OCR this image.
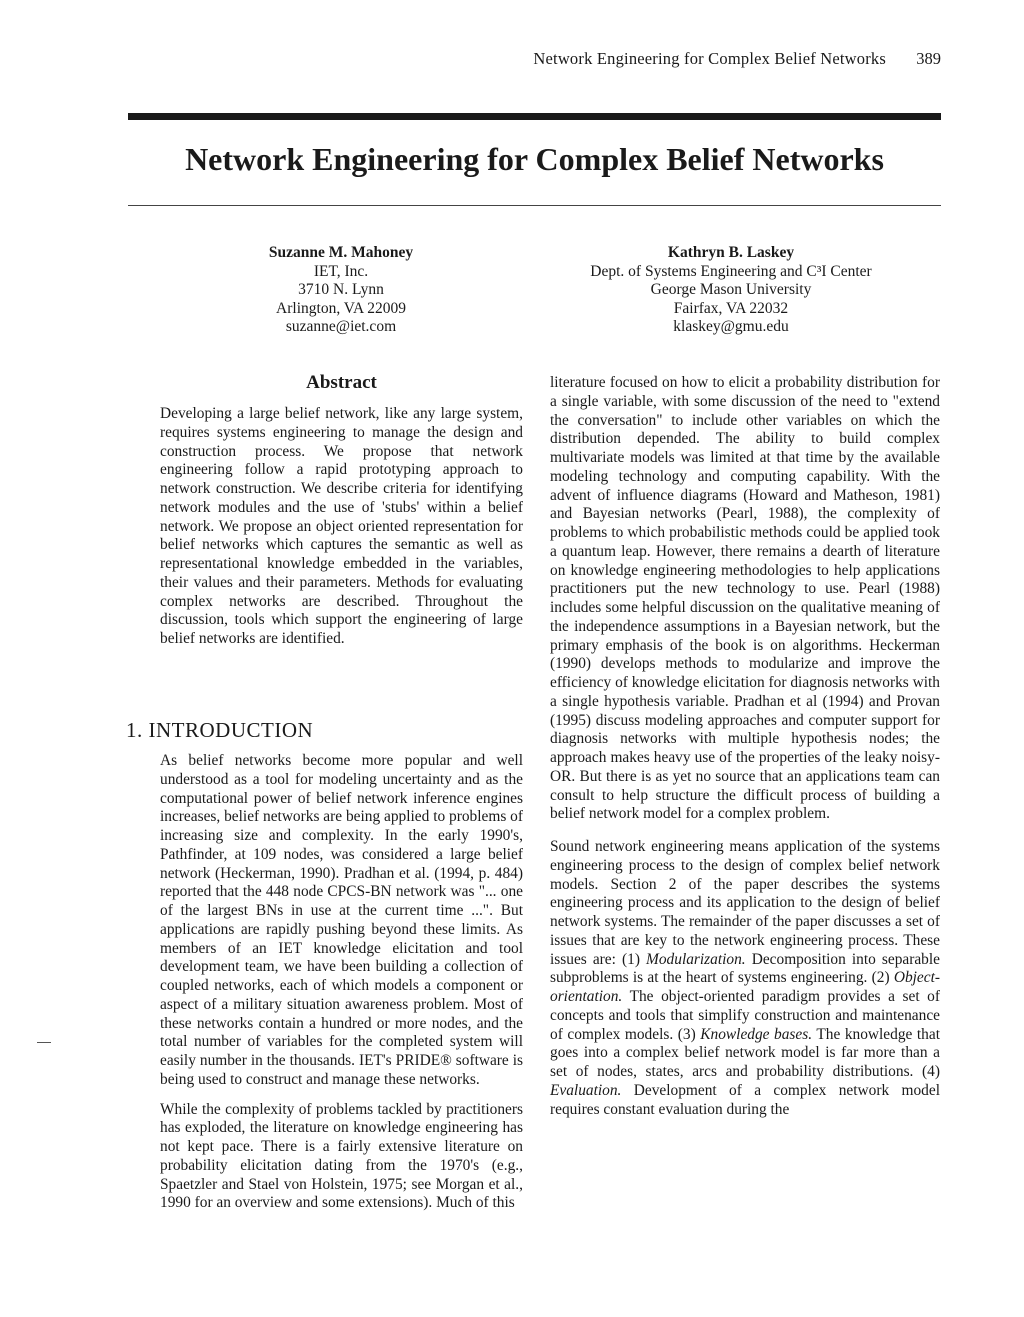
Network Engineering for Complex Belief Networks 389
Network Engineering for Complex Belief Networks
Suzanne M. Mahoney
IET, Inc.
3710 N. Lynn
Arlington, VA 22009
suzanne@iet.com
Kathryn B. Laskey
Dept. of Systems Engineering and C³I Center
George Mason University
Fairfax, VA 22032
klaskey@gmu.edu
Abstract

Developing a large belief network, like any large system, requires systems engineering to manage the design and construction process. We propose that network engineering follow a rapid prototyping approach to network construction. We describe criteria for identifying network modules and the use of 'stubs' within a belief network. We propose an object oriented representation for belief networks which captures the semantic as well as representational knowledge embedded in the variables, their values and their parameters. Methods for evaluating complex networks are described. Throughout the discussion, tools which support the engineering of large belief networks are identified.

1. INTRODUCTION

As belief networks become more popular and well understood as a tool for modeling uncertainty and as the computational power of belief network inference engines increases, belief networks are being applied to problems of increasing size and complexity. In the early 1990's, Pathfinder, at 109 nodes, was considered a large belief network (Heckerman, 1990). Pradhan et al. (1994, p. 484) reported that the 448 node CPCS-BN network was "... one of the largest BNs in use at the current time ...". But applications are rapidly pushing beyond these limits. As members of an IET knowledge elicitation and tool development team, we have been building a collection of coupled networks, each of which models a component or aspect of a military situation awareness problem. Most of these networks contain a hundred or more nodes, and the total number of variables for the completed system will easily number in the thousands. IET's PRIDE® software is being used to construct and manage these networks.

While the complexity of problems tackled by practitioners has exploded, the literature on knowledge engineering has not kept pace. There is a fairly extensive literature on probability elicitation dating from the 1970's (e.g., Spaetzler and Stael von Holstein, 1975; see Morgan et al., 1990 for an overview and some extensions). Much of this

literature focused on how to elicit a probability distribution for a single variable, with some discussion of the need to "extend the conversation" to include other variables on which the distribution depended. The ability to build complex multivariate models was limited at that time by the available modeling technology and computing capability. With the advent of influence diagrams (Howard and Matheson, 1981) and Bayesian networks (Pearl, 1988), the complexity of problems to which probabilistic methods could be applied took a quantum leap. However, there remains a dearth of literature on knowledge engineering methodologies to help applications practitioners put the new technology to use. Pearl (1988) includes some helpful discussion on the qualitative meaning of the independence assumptions in a Bayesian network, but the primary emphasis of the book is on algorithms. Heckerman (1990) develops methods to modularize and improve the efficiency of knowledge elicitation for diagnosis networks with a single hypothesis variable. Pradhan et al (1994) and Provan (1995) discuss modeling approaches and computer support for diagnosis networks with multiple hypothesis nodes; the approach makes heavy use of the properties of the leaky noisy-OR. But there is as yet no source that an applications team can consult to help structure the difficult process of building a belief network model for a complex problem.

Sound network engineering means application of the systems engineering process to the design of complex belief network models. Section 2 of the paper describes the systems engineering process and its application to the design of belief network systems. The remainder of the paper discusses a set of issues that are key to the network engineering process. These issues are: (1) Modularization. Decomposition into separable subproblems is at the heart of systems engineering. (2) Object-orientation. The object-oriented paradigm provides a set of concepts and tools that simplify construction and maintenance of complex models. (3) Knowledge bases. The knowledge that goes into a complex belief network model is far more than a set of nodes, states, arcs and probability distributions. (4) Evaluation. Development of a complex network model requires constant evaluation during the
